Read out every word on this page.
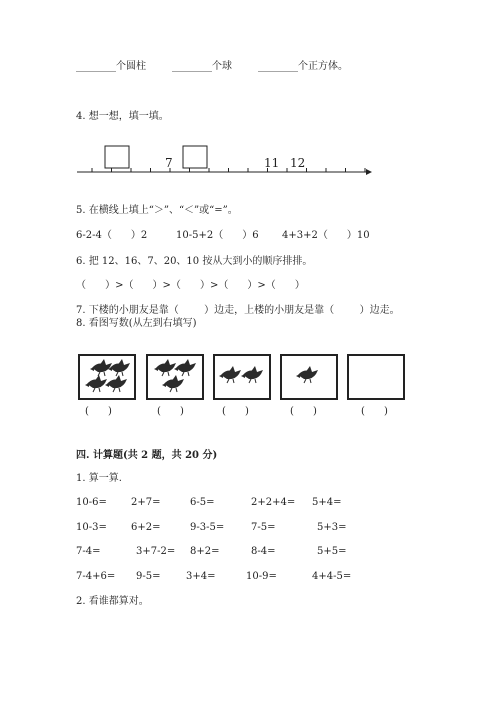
________个圆柱	________个球	________个正方体。
4. 想一想，填一填。
7	11 12
5. 在横线上填上“＞”、“＜”或“=”。
6-2-4（      ）2	10-5+2（      ）6 4+3+2（      ）10
6. 把 12、16、7、20、10 按从大到小的顺序排排。
（      ）>（      ）>（      ）>（      ）>（      ）
7. 下楼的小朋友是靠（        ）边走，上楼的小朋友是靠（        ）边走。
8. 看图写数(从左到右填写)
(      )	(      )	(      )	(      )	(      )
四. 计算题(共 2 题，共 20 分)
1. 算一算.
10-6= 2+7=	6-5=	2+2+4= 5+4=
10-3= 6+2=	9-3-5=	7-5=	5+3=
7-4=	3+7-2= 8+2=	8-4=	5+5=
7-4+6= 9-5=	3+4=	10-9=	4+4-5=
2. 看谁都算对。
